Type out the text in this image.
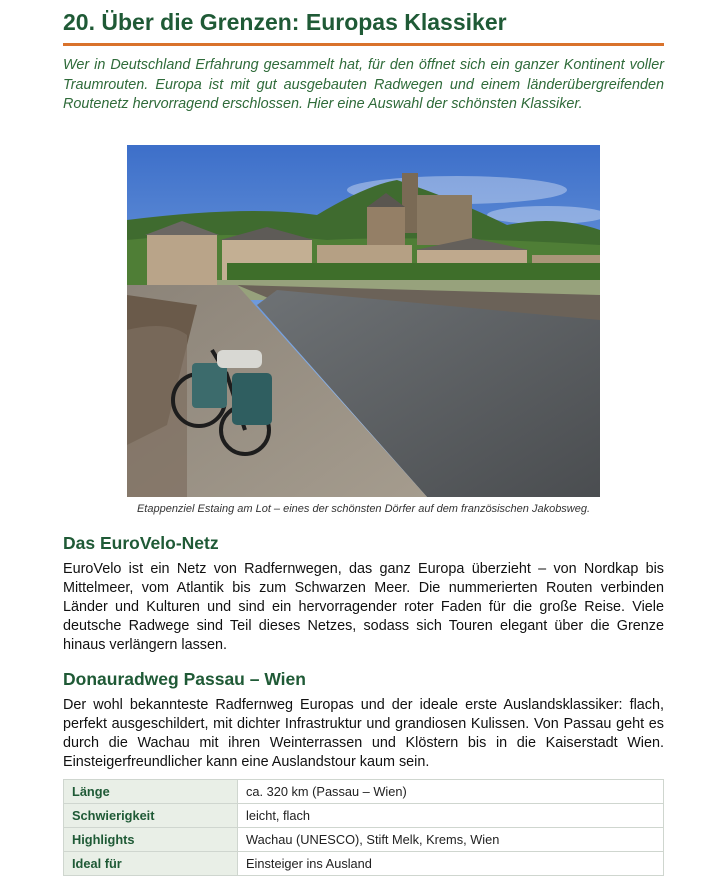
20. Über die Grenzen: Europas Klassiker

Wer in Deutschland Erfahrung gesammelt hat, für den öffnet sich ein ganzer Kontinent voller Traumrouten. Europa ist mit gut ausgebauten Radwegen und einem länderübergreifenden Routenetz hervorragend erschlossen. Hier eine Auswahl der schönsten Klassiker.

Etappenziel Estaing am Lot – eines der schönsten Dörfer auf dem französischen Jakobsweg.
Das EuroVelo-Netz

EuroVelo ist ein Netz von Radfernwegen, das ganz Europa überzieht – von Nordkap bis Mittelmeer, vom Atlantik bis zum Schwarzen Meer. Die nummerierten Routen verbinden Länder und Kulturen und sind ein hervorragender roter Faden für die große Reise. Viele deutsche Radwege sind Teil dieses Netzes, sodass sich Touren elegant über die Grenze hinaus verlängern lassen.

Donauradweg Passau – Wien

Der wohl bekannteste Radfernweg Europas und der ideale erste Auslandsklassiker: flach, perfekt ausgeschildert, mit dichter Infrastruktur und grandiosen Kulissen. Von Passau geht es durch die Wachau mit ihren Weinterrassen und Klöstern bis in die Kaiserstadt Wien. Einsteigerfreundlicher kann eine Auslandstour kaum sein.

Länge	ca. 320 km (Passau – Wien)
Schwierigkeit	leicht, flach
Highlights	Wachau (UNESCO), Stift Melk, Krems, Wien
Ideal für	Einsteiger ins Ausland
